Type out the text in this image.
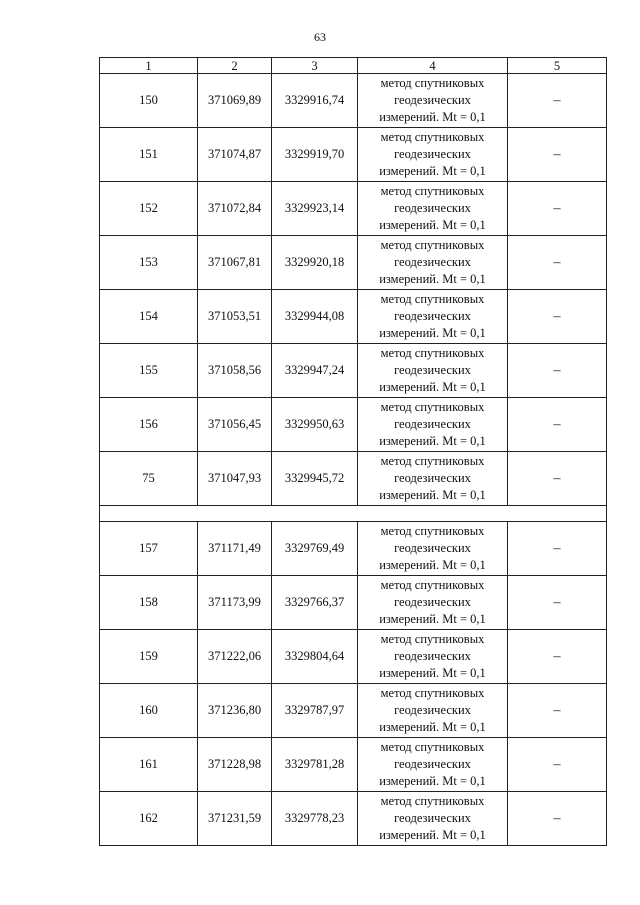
63
1	2	3	4	5
150	371069,89	3329916,74	метод спутниковых
геодезических
измерений. Mt = 0,1	–
151	371074,87	3329919,70	метод спутниковых
геодезических
измерений. Mt = 0,1	–
152	371072,84	3329923,14	метод спутниковых
геодезических
измерений. Mt = 0,1	–
153	371067,81	3329920,18	метод спутниковых
геодезических
измерений. Mt = 0,1	–
154	371053,51	3329944,08	метод спутниковых
геодезических
измерений. Mt = 0,1	–
155	371058,56	3329947,24	метод спутниковых
геодезических
измерений. Mt = 0,1	–
156	371056,45	3329950,63	метод спутниковых
геодезических
измерений. Mt = 0,1	–
75	371047,93	3329945,72	метод спутниковых
геодезических
измерений. Mt = 0,1	–

157	371171,49	3329769,49	метод спутниковых
геодезических
измерений. Mt = 0,1	–
158	371173,99	3329766,37	метод спутниковых
геодезических
измерений. Mt = 0,1	–
159	371222,06	3329804,64	метод спутниковых
геодезических
измерений. Mt = 0,1	–
160	371236,80	3329787,97	метод спутниковых
геодезических
измерений. Mt = 0,1	–
161	371228,98	3329781,28	метод спутниковых
геодезических
измерений. Mt = 0,1	–
162	371231,59	3329778,23	метод спутниковых
геодезических
измерений. Mt = 0,1	–
